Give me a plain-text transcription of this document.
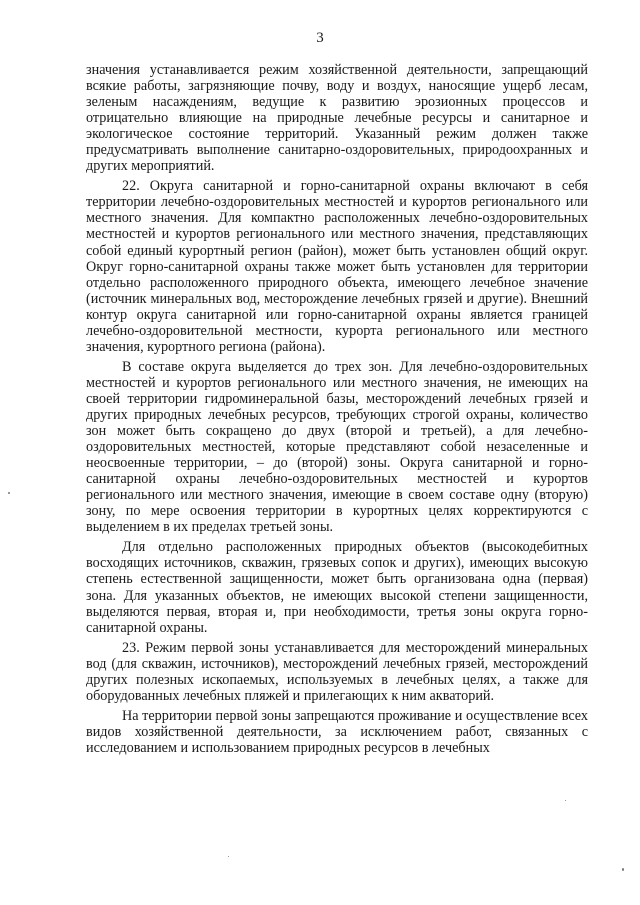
3

значения устанавливается режим хозяйственной деятельности, запрещающий всякие работы, загрязняющие почву, воду и воздух, наносящие ущерб лесам, зеленым насаждениям, ведущие к развитию эрозионных процессов и отрицательно влияющие на природные лечебные ресурсы и санитарное и экологическое состояние территорий. Указанный режим должен также предусматривать выполнение санитарно-оздоровительных, природоохранных и других мероприятий.

22. Округа санитарной и горно-санитарной охраны включают в себя территории лечебно-оздоровительных местностей и курортов регионального или местного значения. Для компактно расположенных лечебно-оздоровительных местностей и курортов регионального или местного значения, представляющих собой единый курортный регион (район), может быть установлен общий округ. Округ горно-санитарной охраны также может быть установлен для территории отдельно расположенного природного объекта, имеющего лечебное значение (источник минеральных вод, месторождение лечебных грязей и другие). Внешний контур округа санитарной или горно-санитарной охраны является границей лечебно-оздоровительной местности, курорта регионального или местного значения, курортного региона (района).

В составе округа выделяется до трех зон. Для лечебно-оздоровительных местностей и курортов регионального или местного значения, не имеющих на своей территории гидроминеральной базы, месторождений лечебных грязей и других природных лечебных ресурсов, требующих строгой охраны, количество зон может быть сокращено до двух (второй и третьей), а для лечебно-оздоровительных местностей, которые представляют собой незаселенные и неосвоенные территории, – до (второй) зоны. Округа санитарной и горно-санитарной охраны лечебно-оздоровительных местностей и курортов регионального или местного значения, имеющие в своем составе одну (вторую) зону, по мере освоения территории в курортных целях корректируются с выделением в их пределах третьей зоны.

Для отдельно расположенных природных объектов (высокодебитных восходящих источников, скважин, грязевых сопок и других), имеющих высокую степень естественной защищенности, может быть организована одна (первая) зона. Для указанных объектов, не имеющих высокой степени защищенности, выделяются первая, вторая и, при необходимости, третья зоны округа горно-санитарной охраны.

23. Режим первой зоны устанавливается для месторождений минеральных вод (для скважин, источников), месторождений лечебных грязей, месторождений других полезных ископаемых, используемых в лечебных целях, а также для оборудованных лечебных пляжей и прилегающих к ним акваторий.

На территории первой зоны запрещаются проживание и осуществление всех видов хозяйственной деятельности, за исключением работ, связанных с исследованием и использованием природных ресурсов в лечебных
